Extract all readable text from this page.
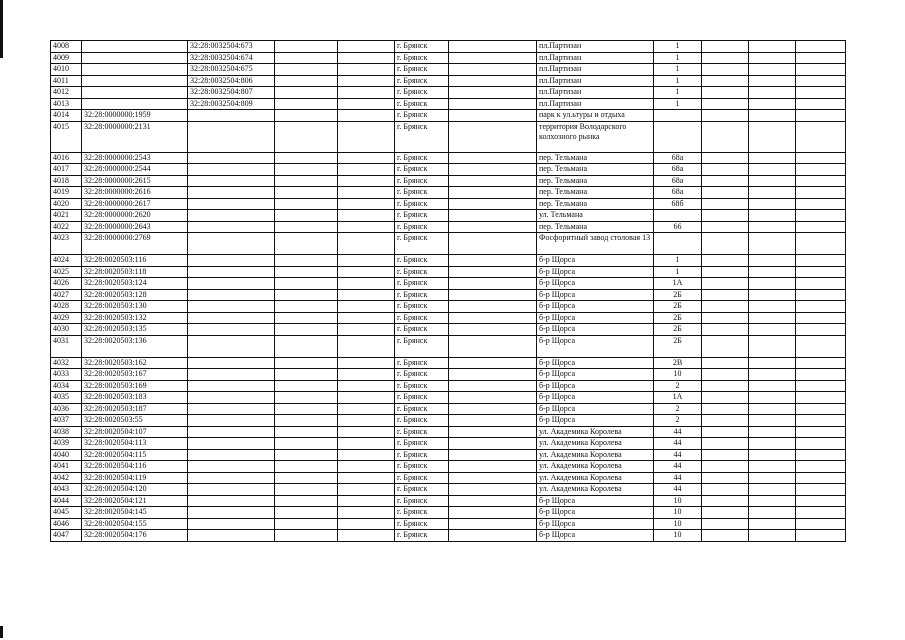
4008		32:28:0032504:673			г. Брянск		пл.Партизан	1			
4009		32:28:0032504:674			г. Брянск		пл.Партизан	1			
4010		32:28:0032504:675			г. Брянск		пл.Партизан	1			
4011		32:28:0032504:806			г. Брянск		пл.Партизан	1			
4012		32:28:0032504:807			г. Брянск		пл.Партизан	1			
4013		32:28:0032504:809			г. Брянск		пл.Партизан	1			
4014	32:28:0000000:1959				г. Брянск		парк к ул.ьтуры и отдыха				
4015	32:28:0000000:2131				г. Брянск		территория Володарского колхозного рынка				
4016	32:28:0000000:2543				г. Брянск		пер. Тельмана	68а			
4017	32:28:0000000:2544				г. Брянск		пер. Тельмана	68а			
4018	32:28:0000000:2615				г. Брянск		пер. Тельмана	68а			
4019	32:28:0000000:2616				г. Брянск		пер. Тельмана	68а			
4020	32:28:0000000:2617				г. Брянск		пер. Тельмана	68б			
4021	32:28:0000000:2620				г. Брянск		ул. Тельмана				
4022	32:28:0000000:2643				г. Брянск		пер. Тельмана	66			
4023	32:28:0000000:2769				г. Брянск		Фосфоритный завод столовая 13				
4024	32:28:0020503:116				г. Брянск		б-р Щорса	1			
4025	32:28:0020503:118				г. Брянск		б-р Щорса	1			
4026	32:28:0020503:124				г. Брянск		б-р Щорса	1А			
4027	32:28:0020503:128				г. Брянск		б-р Щорса	2Б			
4028	32:28:0020503:130				г. Брянск		б-р Щорса	2Б			
4029	32:28:0020503:132				г. Брянск		б-р Щорса	2Б			
4030	32:28:0020503:135				г. Брянск		б-р Щорса	2Б			
4031	32:28:0020503:136				г. Брянск		б-р Щорса	2Б			
4032	32:28:0020503:162				г. Брянск		б-р Щорса	2В			
4033	32:28:0020503:167				г. Брянск		б-р Щорса	10			
4034	32:28:0020503:169				г. Брянск		б-р Щорса	2			
4035	32:28:0020503:183				г. Брянск		б-р Щорса	1А			
4036	32:28:0020503:187				г. Брянск		б-р Щорса	2			
4037	32:28:0020503:55				г. Брянск		б-р Щорса	2			
4038	32:28:0020504:107				г. Брянск		ул. Академика Королева	44			
4039	32:28:0020504:113				г. Брянск		ул. Академика Королева	44			
4040	32:28:0020504:115				г. Брянск		ул. Академика Королева	44			
4041	32:28:0020504:116				г. Брянск		ул. Академика Королева	44			
4042	32:28:0020504:119				г. Брянск		ул. Академика Королева	44			
4043	32:28:0020504:120				г. Брянск		ул. Академика Королева	44			
4044	32:28:0020504:121				г. Брянск		б-р Щорса	10			
4045	32:28:0020504:145				г. Брянск		б-р Щорса	10			
4046	32:28:0020504:155				г. Брянск		б-р Щорса	10			
4047	32:28:0020504:176				г. Брянск		б-р Щорса	10			
